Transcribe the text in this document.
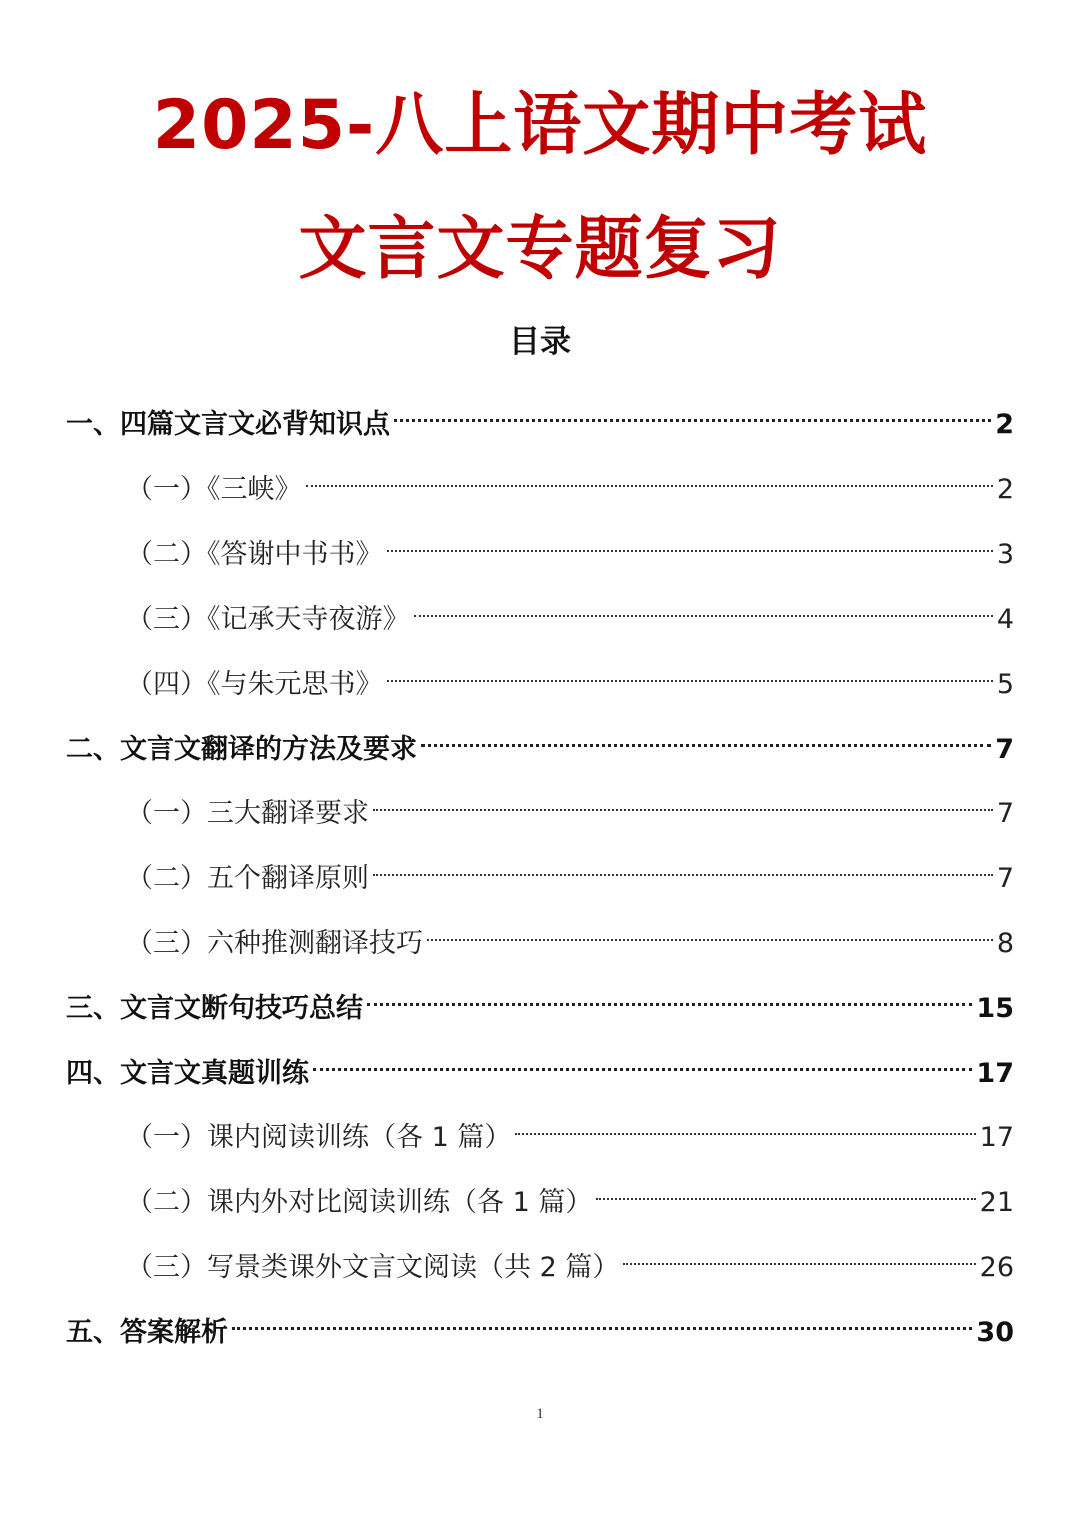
2025-八上语文期中考试
文言文专题复习
目录
一、四篇文言文必背知识点	2
（一）《三峡》	2
（二）《答谢中书书》	3
（三）《记承天寺夜游》	4
（四）《与朱元思书》	5
二、文言文翻译的方法及要求	7
（一）三大翻译要求	7
（二）五个翻译原则	7
（三）六种推测翻译技巧	8
三、文言文断句技巧总结	15
四、文言文真题训练	17
（一）课内阅读训练（各 1 篇）	17
（二）课内外对比阅读训练（各 1 篇）	21
（三）写景类课外文言文阅读（共 2 篇）	26
五、答案解析	30
1
